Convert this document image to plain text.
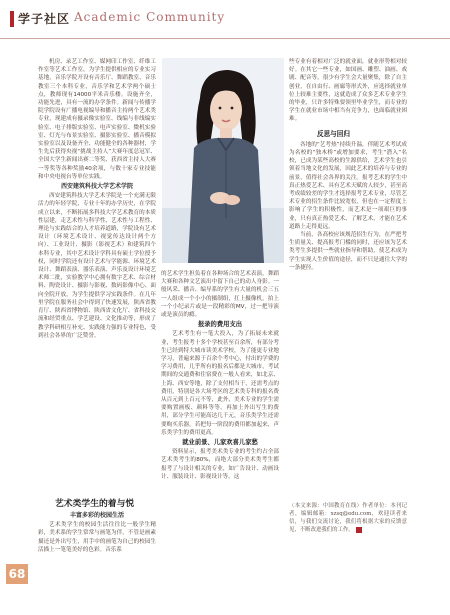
学子社区 Academic Community

机房、录艺工作室、媒网印工作室、纤维工作室等艺术工作室，为学生提供相应的专业实习基地，音乐学院开设有音乐厅、舞蹈教室、音乐教室三个本科专业，音乐学和艺术学两个硕士点，教师现有14000平米音乐楼。设施齐全，功能先进，具有一流的办学条件。新闻与传播学院学院设有广播电视编导和播音主持两个艺术类专业，现建成有摄录像实验室、线编与非线编实验室、电子排版实验室、电声实验室、微机实验室、灯光与布景实验室、摄影实验室、播音模拟实验室以及设备齐全、功能健全的各种器材，学生先后获得央视“挑战主持人”大赛年度总冠军、全国大学生新闻出赛二等奖、获西省主持人大赛一等奖等各种奖励40余项，与数十家专业技能和中央电视台等单位实践。

西安建筑科技大学艺术学院

西安建筑科技大学艺术学院是一个充满无限活力的年轻学院，专业十年的办学历史，在学院成立以来，不断拓展多科技大学艺术教育的本质性层建，走艺术性与科学性、艺术性与工程性、理论与实践结合的人才培养道路，学院设有艺术设计（环境艺术设计、视觉传达设计两个方向）、工业设计、摄影（影视艺术）和建筑四个本科专业，其中艺术设计学科具有硕士学位授予权，同时学院还有设计艺术与学能源、环境艺术设计、舞蹈表演、器乐表演、声乐及设计环境艺术师二批，实验教学中心拥有数字艺术、综合材料、陶瓷设计、摄影与影视、数码影像中心、面向全院开放，为学生提供学习实践条件。在几年里学院在服务社会中得到了快速发展，陕西省教育厅、陕西省博物馆、陕西省文化厅、省科技交流和经贸重点、学艺建设、文化推动等，形成了教学科研相互补充、实践能力强的专业特色，受到社会各界的广泛赞誉。

艺术类学生的着与悦
丰富多彩的校园生活

艺术类学生的校园生活往往比一般学生精彩，美术系的学生常常与画笔为伴，不管是画素描还是外出写生，用手中的画笔为自己的校园生活描上一笔笔美好的色彩。音乐系

的艺术学生担负着在各种场合的艺术表演，舞蹈大赛和各种文艺演出中留下自己的动人身影。一般风采、播音、编导系的学生有大量的机会三五一人组成一个小小的摄制组，扛上摄像机，拍上一个小纪录片或是一段精彩的MV，过一把导演或是演员的瘾。

报录的费用支出

艺术考生有一笔大投入，为了拓展未来就业，考生报考十多个学校甚至百余所，有部分考生已经到特大城市读美术学校，为了能更专业地学习，普遍来源于百余个考中心，付出的学费的学习费用，几乎所有的报名后都是大城市，考试期间的交通费和住宿费在一般人看来，如北京、上海、西安等地，除了支付相当于，还需考点的费用，特别是各大场考区的艺术类专科的报名费从百元到上百元不等，此外，美术专业的学生需要购置画板、颜料等等，再加上外出写生的费用，部分学生可能高达几千元，音乐类学生还需要购买乐器，若把每一阶段的费用都加起来，声乐类学生的费用更高。

就业前景、儿家欢喜儿家愁

资料显示，报考美术类专业的考生约占全部艺术类考生的80%，而绝大部分美术类考生都报考了与设计相关的专业，如广告设计、动画设计、服装设计、影视设计等，这

些专业有着相对广泛的就业面，就业形势相对较好。在其它一些专业，如国画、雕塑、油画、戏剧、配音等，很少有学生会大量聚集，除了自主创业，在自由行、画廊等形式外，应选择就业单位上较难主要性，这就造成了众多艺术专业学生的毕业，只许多特殊要领里毕业学生，而专业的学生在就业市场中相当有竞争力，也面临就业困难。

反思与回归

各地的“艺考热”持续升温，伴随艺术考试成为名校的“独木桥”或增加要求，考生“潜入”名校，已成为某些高校的生源供给，艺术学生也引领着当地文化的发展，因此艺术的培养与专业的前景，值得社会各界的关注。报考艺术的学生中真正热爱艺术、具有艺术天赋的人较少，甚至高考成绩较差的学生才选择报考艺术专业，尽管艺术专业的招生条件比较宽松，但也在一定程度上影响了学生的积极性，而艺术是一项艰巨的事业，只有真正热爱艺术、了解艺术，才能在艺术道路上走得更远。

当前，各高校应该规范招生行为，在严把考生质量关、提高报考门槛的同时，还应该为艺术类考生多提供一些就业指导和帮助，使艺术成为学生实现人生价值的途径，而不只是通往大学的一条捷径。

（本文来源：中国教育在线）作者单位：本刊记者，编辑邮箱：xzsq@edu.com，欢迎读者来信，与我们交流讨论，我们将根据大家的反馈意见，不断改进我们的工作。
68
